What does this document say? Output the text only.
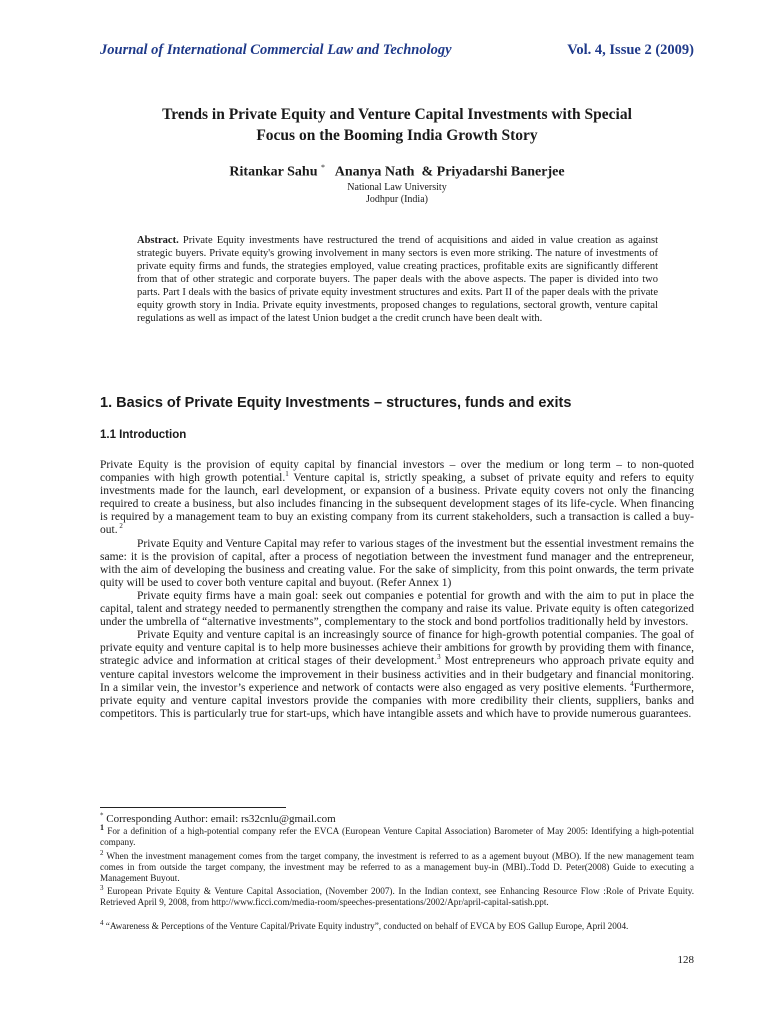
Journal of International Commercial Law and Technology	Vol. 4, Issue 2 (2009)
Trends in Private Equity and Venture Capital Investments with Special
Focus on the Booming India Growth Story
Ritankar Sahu * Ananya Nath & Priyadarshi Banerjee
National Law University
Jodhpur (India)
Abstract. Private Equity investments have restructured the trend of acquisitions and aided in value creation as against strategic buyers. Private equity's growing involvement in many sectors is even more striking. The nature of investments of private equity firms and funds, the strategies employed, value creating practices, profitable exits are significantly different from that of other strategic and corporate buyers. The paper deals with the above aspects. The paper is divided into two parts. Part I deals with the basics of private equity investment structures and exits. Part II of the paper deals with the private equity growth story in India. Private equity investments, proposed changes to regulations, sectoral growth, venture capital regulations as well as impact of the latest Union budget a the credit crunch have been dealt with.
1. Basics of Private Equity Investments – structures, funds and exits
1.1 Introduction

Private Equity is the provision of equity capital by financial investors – over the medium or long term – to non-quoted companies with high growth potential.$^1$ Venture capital is, strictly speaking, a subset of private equity and refers to equity investments made for the launch, earl development, or expansion of a business. Private equity covers not only the financing required to create a business, but also includes financing in the subsequent development stages of its life-cycle. When financing is required by a management team to buy an existing company from its current stakeholders, such a transaction is called a buy-out. $^2$

Private Equity and Venture Capital may refer to various stages of the investment but the essential investment remains the same: it is the provision of capital, after a process of negotiation between the investment fund manager and the entrepreneur, with the aim of developing the business and creating value. For the sake of simplicity, from this point onwards, the term private quity will be used to cover both venture capital and buyout. (Refer Annex 1)

Private equity firms have a main goal: seek out companies e potential for growth and with the aim to put in place the capital, talent and strategy needed to permanently strengthen the company and raise its value. Private equity is often categorized under the umbrella of “alternative investments”, complementary to the stock and bond portfolios traditionally held by investors.

Private Equity and venture capital is an increasingly source of finance for high-growth potential companies. The goal of private equity and venture capital is to help more businesses achieve their ambitions for growth by providing them with finance, strategic advice and information at critical stages of their development.$^3$ Most entrepreneurs who approach private equity and venture capital investors welcome the improvement in their business activities and in their budgetary and financial monitoring. In a similar vein, the investor’s experience and network of contacts were also engaged as very positive elements. $^4$Furthermore, private equity and venture capital investors provide the companies with more credibility their clients, suppliers, banks and competitors. This is particularly true for start-ups, which have intangible assets and which have to provide numerous guarantees.

* Corresponding Author: email: rs32cnlu@gmail.com
1 For a definition of a high-potential company refer the EVCA (European Venture Capital Association) Barometer of May 2005: Identifying a high-potential company.
$^2$ When the investment management comes from the target company, the investment is referred to as a agement buyout (MBO). If the new management team comes in from outside the target company, the investment may be referred to as a management buy-in (MBI)..Todd D. Peter(2008) Guide to executing a Management Buyout.
$^3$ European Private Equity & Venture Capital Association, (November 2007). In the Indian context, see Enhancing Resource Flow :Role of Private Equity. Retrieved April 9, 2008, from http://www.ficci.com/media-room/speeches-presentations/2002/Apr/april-capital-satish.ppt.
$^4$ “Awareness & Perceptions of the Venture Capital/Private Equity industry”, conducted on behalf of EVCA by EOS Gallup Europe, April 2004.
128
